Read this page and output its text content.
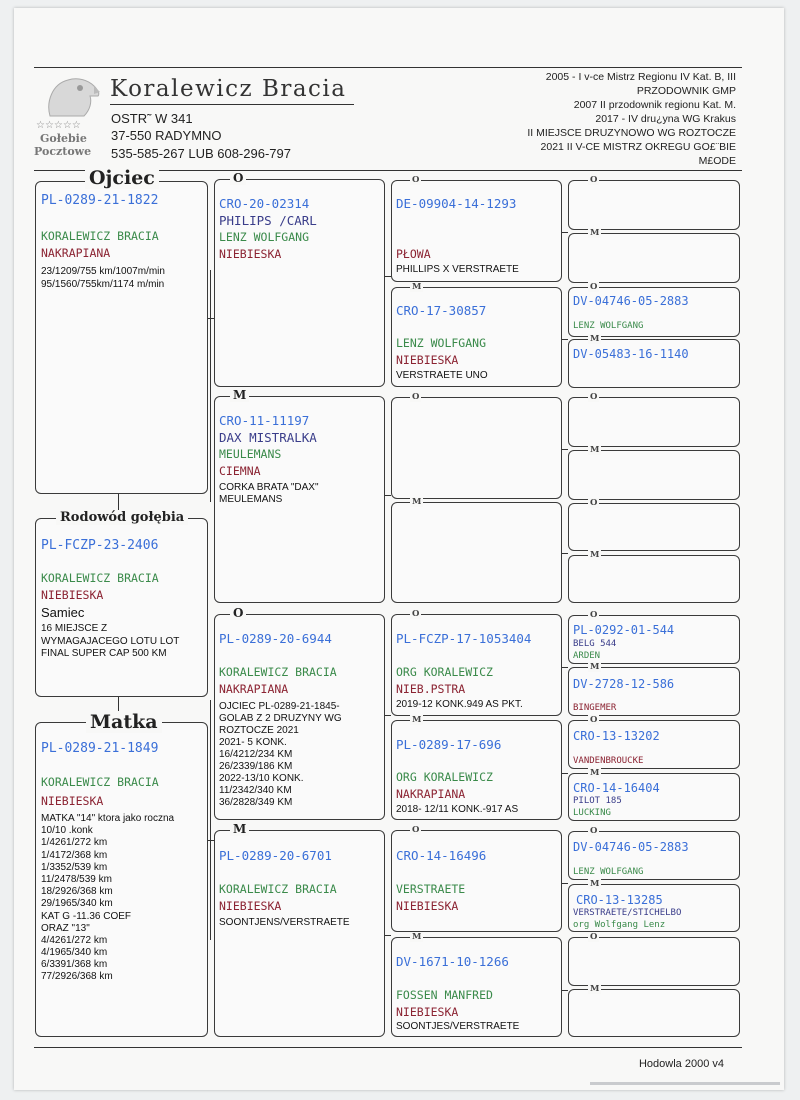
☆☆☆☆☆
Gołebie
Pocztowe
Koralewicz Bracia
OSTR˜ W 341
37-550 RADYMNO
535-585-267 LUB 608-296-797
2005 - I v-ce Mistrz Regionu IV Kat. B, III
PRZODOWNIK GMP
2007 II przodownik regionu Kat. M.
2017 - IV dru¿yna WG Krakus
II MIEJSCE DRUZYNOWO WG ROZTOCZE
2021 II V-CE MISTRZ OKREGU GO£¨BIE
M£ODE
Ojciec
PL-0289-21-1822
KORALEWICZ BRACIA
NAKRAPIANA
23/1209/755 km/1007m/min
95/1560/755km/1174 m/min
Rodowód gołębia
PL-FCZP-23-2406
KORALEWICZ BRACIA
NIEBIESKA
Samiec
16 MIEJSCE Z
WYMAGAJACEGO LOTU LOT
FINAL SUPER CAP 500 KM
Matka
PL-0289-21-1849
KORALEWICZ BRACIA
NIEBIESKA
MATKA "14" ktora jako roczna
10/10 .konk
1/4261/272 km
1/4172/368 km
1/3352/539 km
11/2478/539 km
18/2926/368 km
29/1965/340 km
KAT G -11.36 COEF
ORAZ "13"
4/4261/272 km
4/1965/340 km
6/3391/368 km
77/2926/368 km
O
CRO-20-02314
PHILIPS /CARL
LENZ WOLFGANG
NIEBIESKA
M
CRO-11-11197
DAX MISTRALKA
MEULEMANS
CIEMNA
CORKA BRATA "DAX"
MEULEMANS
O
PL-0289-20-6944
KORALEWICZ BRACIA
NAKRAPIANA
OJCIEC PL-0289-21-1845-
GOLAB Z 2 DRUZYNY WG
ROZTOCZE 2021
2021- 5 KONK.
16/4212/234 KM
26/2339/186 KM
2022-13/10 KONK.
11/2342/340 KM
36/2828/349 KM
M
PL-0289-20-6701
KORALEWICZ BRACIA
NIEBIESKA
SOONTJENS/VERSTRAETE
O
DE-09904-14-1293
PŁOWA
PHILLIPS X VERSTRAETE
M
CRO-17-30857
LENZ WOLFGANG
NIEBIESKA
VERSTRAETE UNO
O
M
O
PL-FCZP-17-1053404
ORG KORALEWICZ
NIEB.PSTRA
2019-12 KONK.949 AS PKT.
M
PL-0289-17-696
ORG KORALEWICZ
NAKRAPIANA
2018- 12/11 KONK.-917 AS
O
CRO-14-16496
VERSTRAETE
NIEBIESKA
M
DV-1671-10-1266
FOSSEN MANFRED
NIEBIESKA
SOONTJES/VERSTRAETE
O
M
O
DV-04746-05-2883
LENZ WOLFGANG
M
DV-05483-16-1140
O
M
O
M
O
PL-0292-01-544
BELG 544
ARDEN
M
DV-2728-12-586
BINGEMER
O
CRO-13-13202
VANDENBROUCKE
M
CRO-14-16404
PILOT 185
LUCKING
O
DV-04746-05-2883
LENZ WOLFGANG
M
CRO-13-13285
VERSTRAETE/STICHELBO
org Wolfgang Lenz
O
M
Hodowla 2000 v4
